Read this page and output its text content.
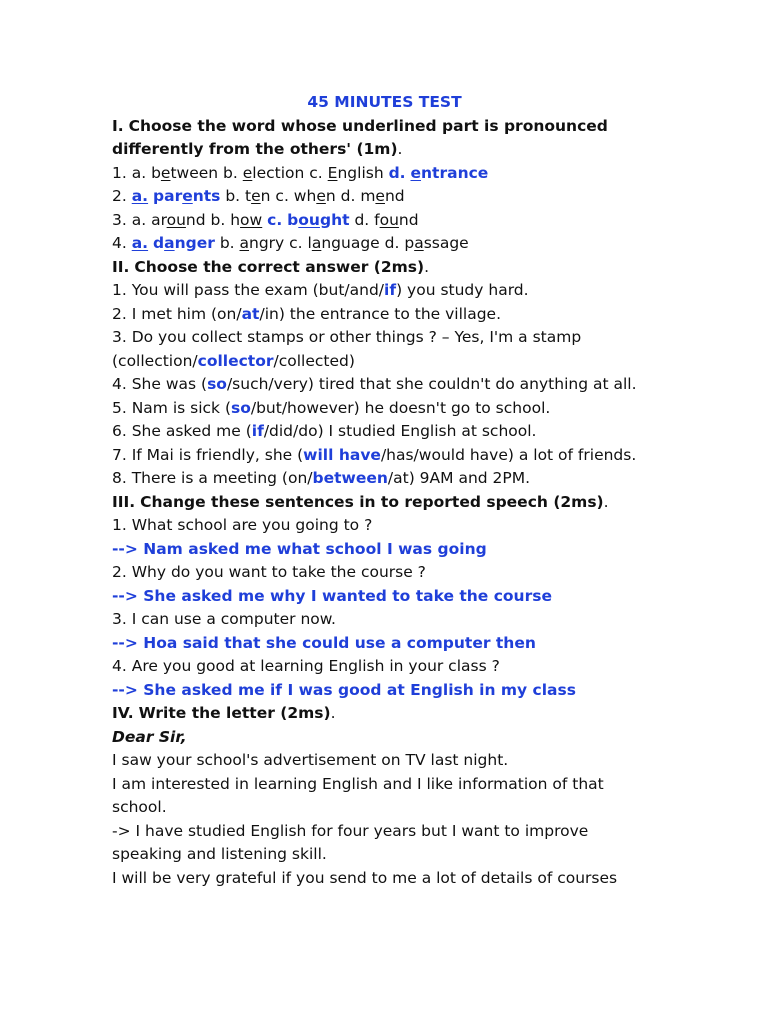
45 MINUTES TEST
I. Choose the word whose underlined part is pronounced
differently from the others' (1m).
1. a. between b. election c. English d. entrance
2. a. parents b. ten c. when d. mend
3. a. around b. how c. bought d. found
4. a. danger b. angry c. language d. passage
II. Choose the correct answer (2ms).
1. You will pass the exam (but/and/if) you study hard.
2. I met him (on/at/in) the entrance to the village.
3. Do you collect stamps or other things ? – Yes, I'm a stamp
(collection/collector/collected)
4. She was (so/such/very) tired that she couldn't do anything at all.
5. Nam is sick (so/but/however) he doesn't go to school.
6. She asked me (if/did/do) I studied English at school.
7. If Mai is friendly, she (will have/has/would have) a lot of friends.
8. There is a meeting (on/between/at) 9AM and 2PM.
III. Change these sentences in to reported speech (2ms).
1. What school are you going to ?
--> Nam asked me what school I was going
2. Why do you want to take the course ?
--> She asked me why I wanted to take the course
3. I can use a computer now.
--> Hoa said that she could use a computer then
4. Are you good at learning English in your class ?
--> She asked me if I was good at English in my class
IV. Write the letter (2ms).
Dear Sir,
I saw your school's advertisement on TV last night.
I am interested in learning English and I like information of that
school.
-> I have studied English for four years but I want to improve
speaking and listening skill.
I will be very grateful if you send to me a lot of details of courses
